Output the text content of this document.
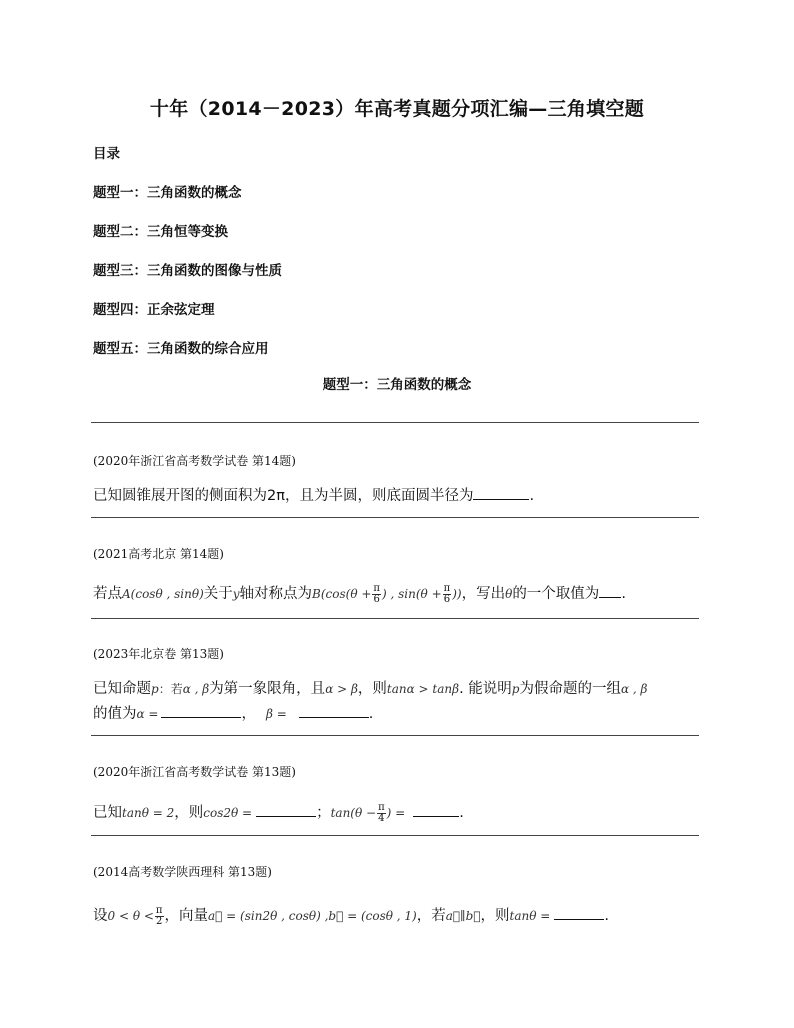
十年（2014－2023）年高考真题分项汇编—三角填空题
目录
题型一：三角函数的概念
题型二：三角恒等变换
题型三：三角函数的图像与性质
题型四：正余弦定理
题型五：三角函数的综合应用
题型一：三角函数的概念
(2020年浙江省高考数学试卷 第14题)
已知圆锥展开图的侧面积为2π，且为半圆，则底面圆半径为	.
(2021高考北京 第14题)
若点A(cosθ , sinθ)关于y轴对称点为$B(\cos(\theta + \frac{\pi}{6}$ ) , $\sin(\theta + \frac{\pi}{6}$ ))，写出θ的一个取值为 .
(2023年北京卷 第13题)
已知命题p：若α , β为第一象限角，且α > β，则tanα > tanβ. 能说明p为假命题的一组α , β
的值为α =	， β =	.
(2020年浙江省高考数学试卷 第13题)
已知tanθ = 2，则cos2θ =	；$\tan(\theta - \frac{\pi}{4}$ ) =	.
(2014高考数学陕西理科 第13题)
设$0 < \theta < \frac{\pi}{2}$ ，向量a⃗ = (sin2θ , cosθ) ,b⃗ = (cosθ , 1)，若a⃗∥b⃗，则tanθ =	.
